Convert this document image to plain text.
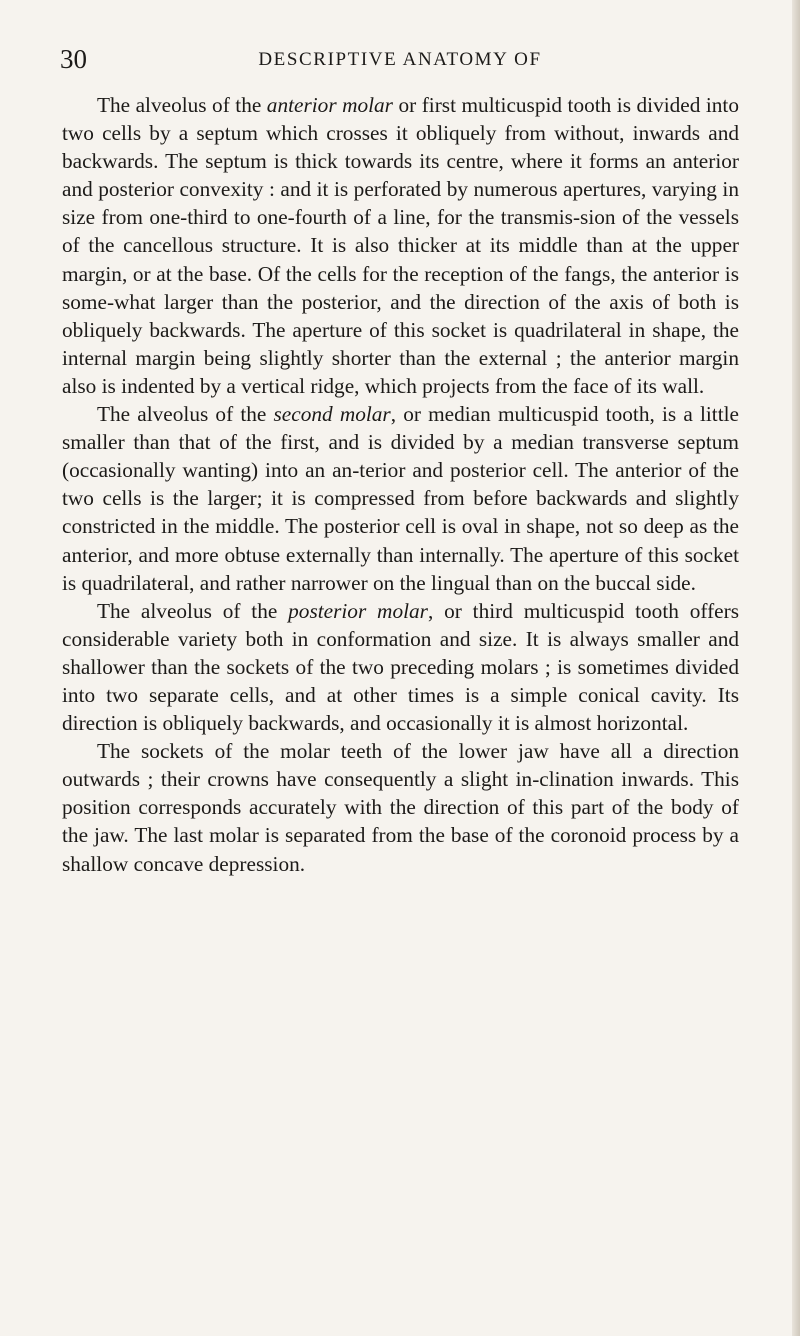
30	DESCRIPTIVE ANATOMY OF

The alveolus of the anterior molar or first multicuspid tooth is divided into two cells by a septum which crosses it obliquely from without, inwards and backwards. The septum is thick towards its centre, where it forms an anterior and posterior convexity : and it is perforated by numerous apertures, varying in size from one-third to one-fourth of a line, for the transmis-sion of the vessels of the cancellous structure. It is also thicker at its middle than at the upper margin, or at the base. Of the cells for the reception of the fangs, the anterior is some-what larger than the posterior, and the direction of the axis of both is obliquely backwards. The aperture of this socket is quadrilateral in shape, the internal margin being slightly shorter than the external ; the anterior margin also is indented by a vertical ridge, which projects from the face of its wall.

The alveolus of the second molar, or median multicuspid tooth, is a little smaller than that of the first, and is divided by a median transverse septum (occasionally wanting) into an an-terior and posterior cell. The anterior of the two cells is the larger; it is compressed from before backwards and slightly constricted in the middle. The posterior cell is oval in shape, not so deep as the anterior, and more obtuse externally than internally. The aperture of this socket is quadrilateral, and rather narrower on the lingual than on the buccal side.

The alveolus of the posterior molar, or third multicuspid tooth offers considerable variety both in conformation and size. It is always smaller and shallower than the sockets of the two preceding molars ; is sometimes divided into two separate cells, and at other times is a simple conical cavity. Its direction is obliquely backwards, and occasionally it is almost horizontal.

The sockets of the molar teeth of the lower jaw have all a direction outwards ; their crowns have consequently a slight in-clination inwards. This position corresponds accurately with the direction of this part of the body of the jaw. The last molar is separated from the base of the coronoid process by a shallow concave depression.
